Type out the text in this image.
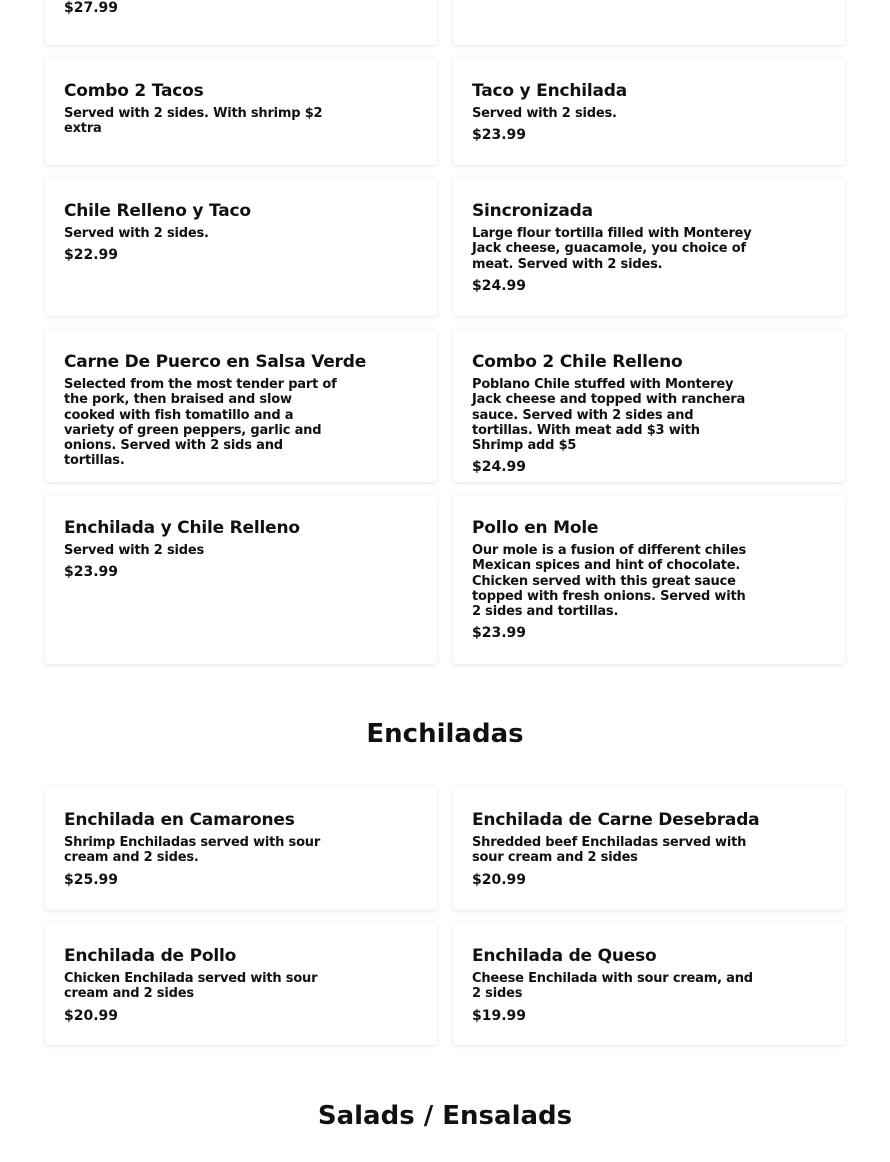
$27.99
Combo 2 Tacos
Served with 2 sides. With shrimp $2 extra
Taco y Enchilada
Served with 2 sides.
$23.99
Chile Relleno y Taco
Served with 2 sides.
$22.99
Sincronizada
Large flour tortilla filled with Monterey Jack cheese, guacamole, you choice of meat. Served with 2 sides.
$24.99
Carne De Puerco en Salsa Verde
Selected from the most tender part of the pork, then braised and slow cooked with fish tomatillo and a variety of green peppers, garlic and onions. Served with 2 sids and tortillas.
Combo 2 Chile Relleno
Poblano Chile stuffed with Monterey Jack cheese and topped with ranchera sauce. Served with 2 sides and tortillas. With meat add $3 with Shrimp add $5
$24.99
Enchilada y Chile Relleno
Served with 2 sides
$23.99
Pollo en Mole
Our mole is a fusion of different chiles Mexican spices and hint of chocolate. Chicken served with this great sauce topped with fresh onions. Served with 2 sides and tortillas.
$23.99
Enchiladas
Enchilada en Camarones
Shrimp Enchiladas served with sour cream and 2 sides.
$25.99
Enchilada de Carne Desebrada
Shredded beef Enchiladas served with sour cream and 2 sides
$20.99
Enchilada de Pollo
Chicken Enchilada served with sour cream and 2 sides
$20.99
Enchilada de Queso
Cheese Enchilada with sour cream, and 2 sides
$19.99
Salads / Ensalads
